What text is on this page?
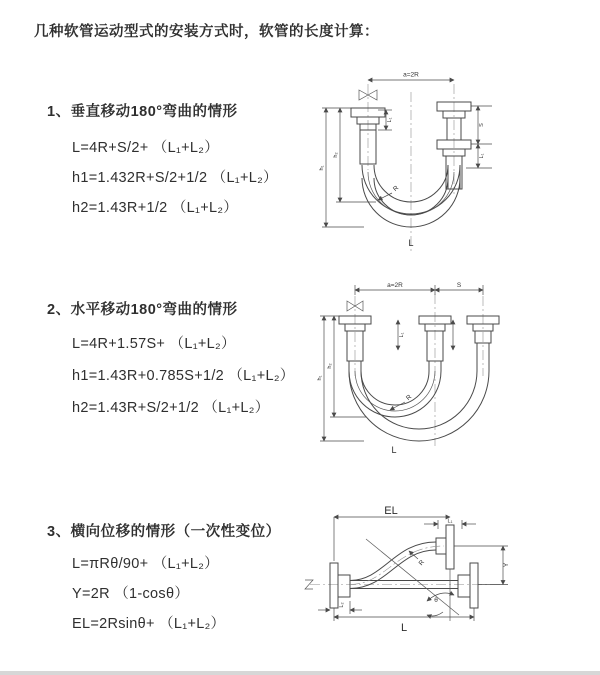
几种软管运动型式的安装方式时，软管的长度计算：
1、垂直移动180°弯曲的情形
L=4R+S/2+ （L₁+L₂）
h1=1.432R+S/2+1/2 （L₁+L₂）
h2=1.43R+1/2 （L₁+L₂）
a=2R
S
L₁
L₁
h₁
h₂
R
L
2、水平移动180°弯曲的情形
L=4R+1.57S+ （L₁+L₂）
h1=1.43R+0.785S+1/2 （L₁+L₂）
h2=1.43R+S/2+1/2 （L₁+L₂）
a=2R	S
L₁
h₁
h₂
R
L
3、横向位移的情形（一次性变位）
L=πRθ/90+ （L₁+L₂）
Y=2R （1-cosθ）
EL=2Rsinθ+ （L₁+L₂）
θ
EL
L₁
Y
L₂
L
R
